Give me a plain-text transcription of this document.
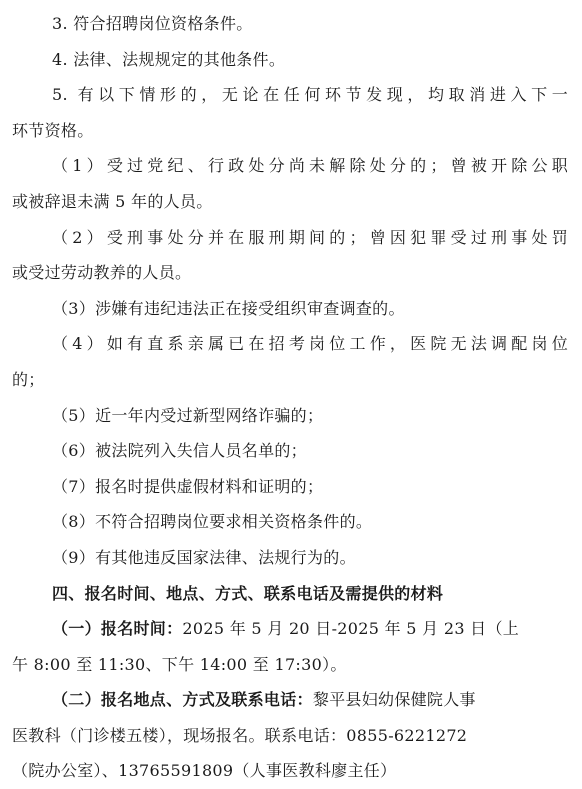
3. 符合招聘岗位资格条件。
4. 法律、法规规定的其他条件。
5. 有以下情形的，无论在任何环节发现，均取消进入下一
环节资格。
（1）受过党纪、行政处分尚未解除处分的；曾被开除公职
或被辞退未满 5 年的人员。
（2）受刑事处分并在服刑期间的；曾因犯罪受过刑事处罚
或受过劳动教养的人员。
（3）涉嫌有违纪违法正在接受组织审查调查的。
（4）如有直系亲属已在招考岗位工作，医院无法调配岗位
的；
（5）近一年内受过新型网络诈骗的；
（6）被法院列入失信人员名单的；
（7）报名时提供虚假材料和证明的；
（8）不符合招聘岗位要求相关资格条件的。
（9）有其他违反国家法律、法规行为的。
四、报名时间、地点、方式、联系电话及需提供的材料
（一）报名时间：2025 年 5 月 20 日-2025 年 5 月 23 日（上
午 8:00 至 11:30、下午 14:00 至 17:30）。
（二）报名地点、方式及联系电话：黎平县妇幼保健院人事
医教科（门诊楼五楼），现场报名。联系电话：0855-6221272
（院办公室）、13765591809（人事医教科廖主任）
